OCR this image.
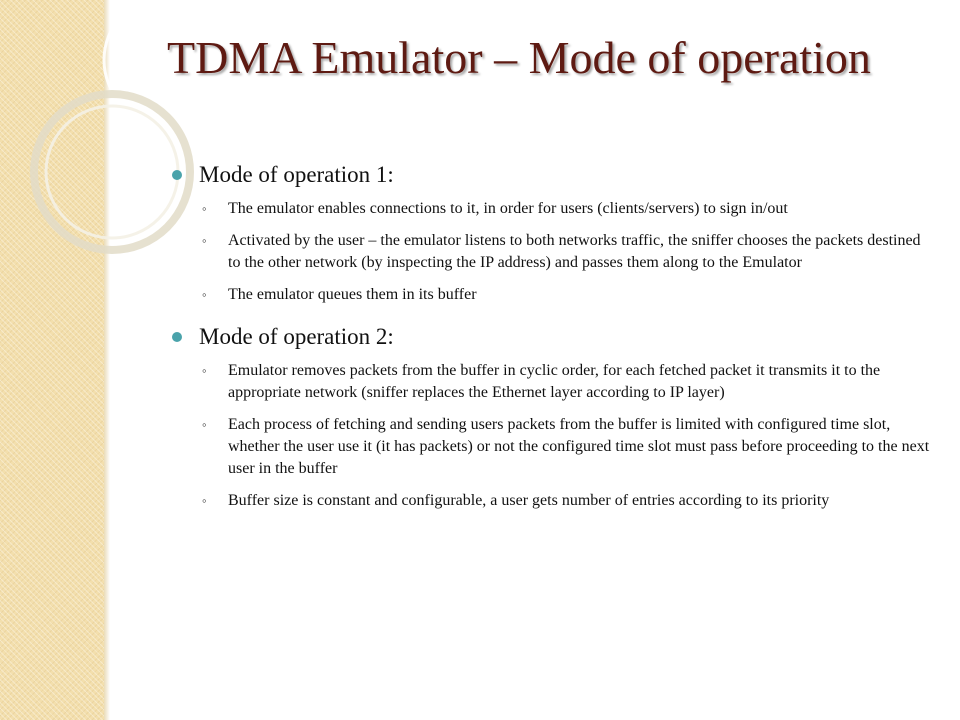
TDMA Emulator – Mode of operation
Mode of operation 1:
◦ The emulator enables connections to it, in order for users (clients/servers) to sign in/out
◦ Activated by the user – the emulator listens to both networks traffic, the sniffer chooses the packets destined to the other network (by inspecting the IP address) and passes them along to the Emulator
◦ The emulator queues them in its buffer
Mode of operation 2:
◦ Emulator removes packets from the buffer in cyclic order, for each fetched packet it transmits it to the appropriate network (sniffer replaces the Ethernet layer according to IP layer)
◦ Each process of fetching and sending users packets from the buffer is limited with configured time slot, whether the user use it (it has packets) or not the configured time slot must pass before proceeding to the next user in the buffer
◦ Buffer size is constant and configurable, a user gets number of entries according to its priority
